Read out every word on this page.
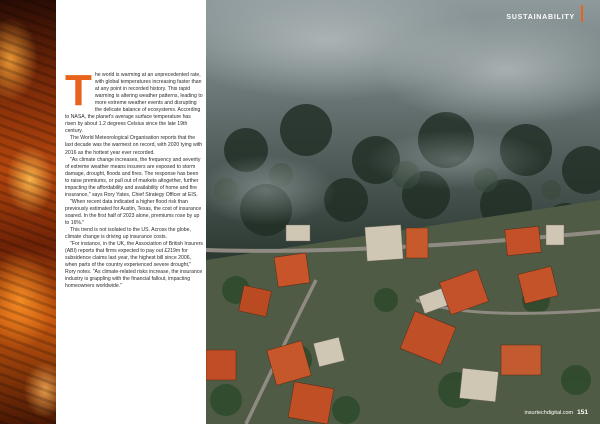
The world is warming at an unprecedented rate, with global temperatures increasing faster than at any point in recorded history. This rapid warming is altering weather patterns, leading to more extreme weather events and disrupting the delicate balance of ecosystems. According to NASA, the planet's average surface temperature has risen by about 1.2 degrees Celsius since the late 19th century.

The World Meteorological Organisation reports that the last decade was the warmest on record, with 2020 tying with 2016 as the hottest year ever recorded.

"As climate change increases, the frequency and severity of extreme weather means insurers are exposed to storm damage, drought, floods and fires. The response has been to raise premiums, or pull out of markets altogether, further impacting the affordability and availability of home and fire insurance," says Rory Yates, Chief Strategy Officer at EIS.

"When recent data indicated a higher flood risk than previously estimated for Austin, Texas, the cost of insurance soared. In the first half of 2023 alone, premiums rose by up to 16%."

This trend is not isolated to the US. Across the globe, climate change is driving up insurance costs.

"For instance, in the UK, the Association of British Insurers (ABI) reports that firms expected to pay out £219m for subsidence claims last year, the highest bill since 2006, when parts of the country experienced severe drought," Rory notes. "As climate-related risks increase, the insurance industry is grappling with the financial fallout, impacting homeowners worldwide."

SUSTAINABILITY
insurtechdigital.com 151
